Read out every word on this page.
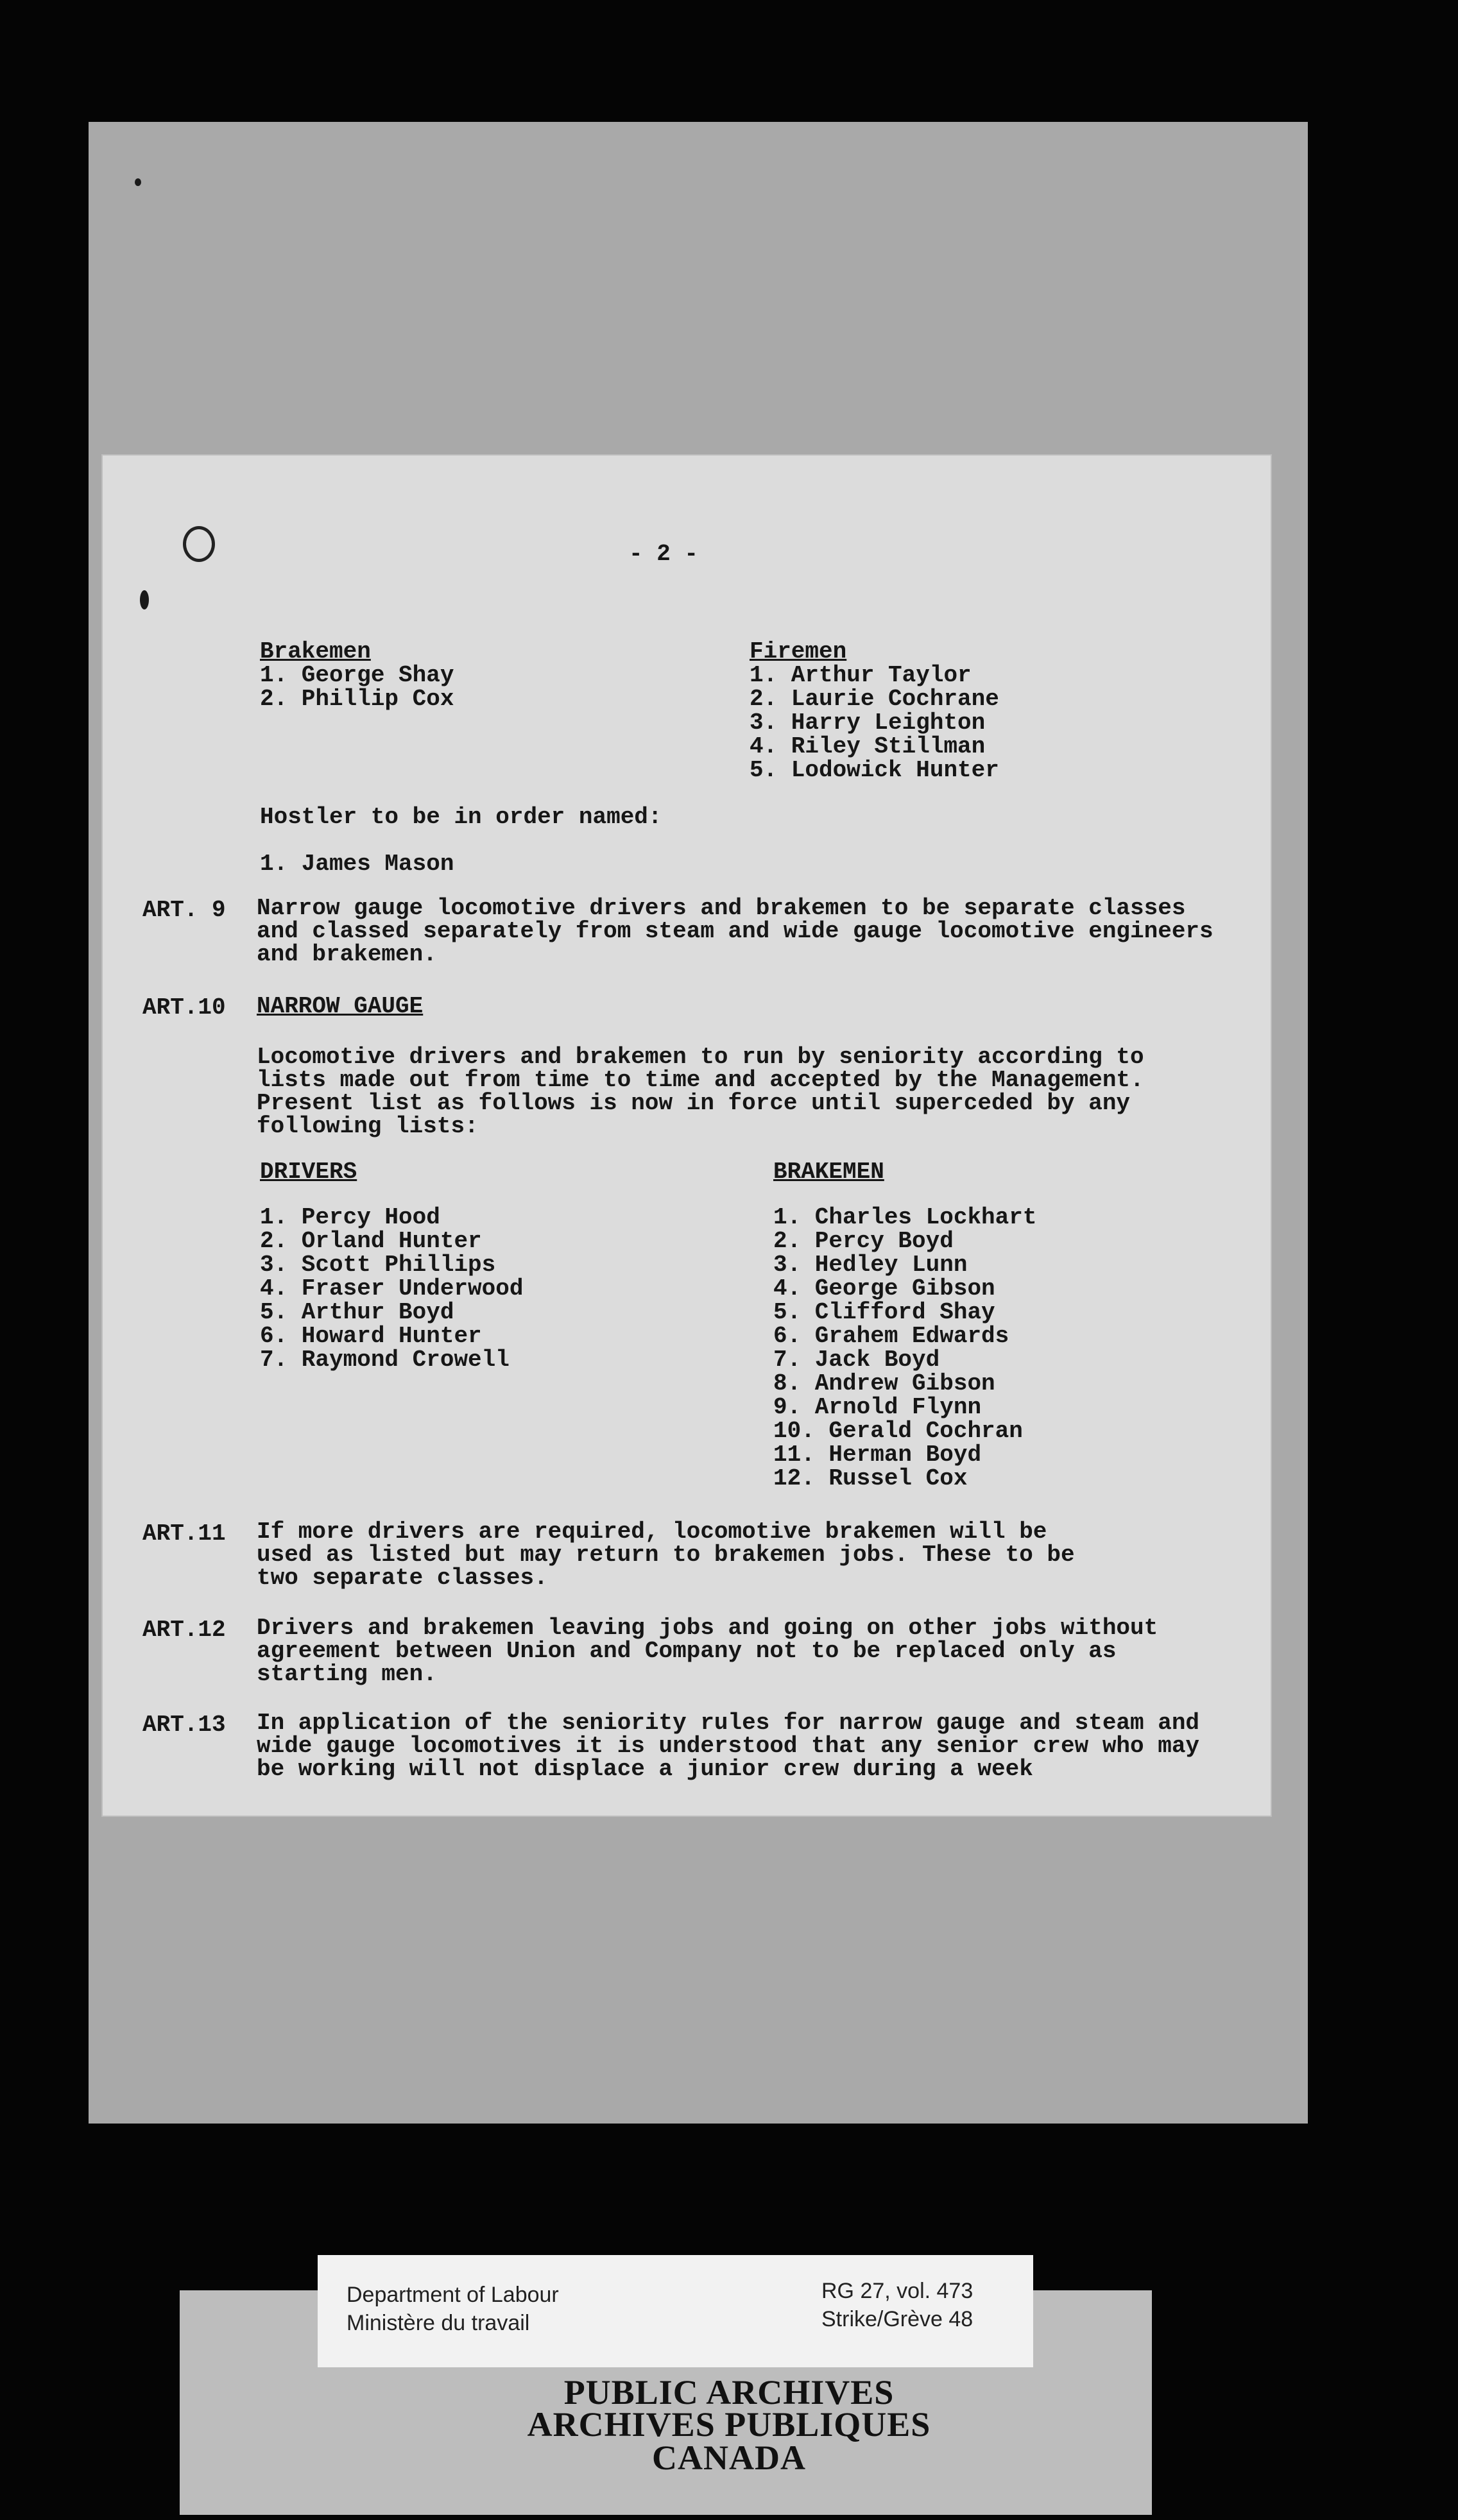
- 2 -
Brakemen
1. George Shay
2. Phillip Cox
Firemen
1. Arthur Taylor
2. Laurie Cochrane
3. Harry Leighton
4. Riley Stillman
5. Lodowick Hunter
Hostler to be in order named:
1. James Mason
ART. 9 Narrow gauge locomotive drivers and brakemen to be separate classes and classed separately from steam and wide gauge locomotive engineers and brakemen.
ART.10 NARROW GAUGE
Locomotive drivers and brakemen to run by seniority according to lists made out from time to time and accepted by the Management. Present list as follows is now in force until superceded by any following lists:
DRIVERS
1. Percy Hood
2. Orland Hunter
3. Scott Phillips
4. Fraser Underwood
5. Arthur Boyd
6. Howard Hunter
7. Raymond Crowell
BRAKEMEN
1. Charles Lockhart
2. Percy Boyd
3. Hedley Lunn
4. George Gibson
5. Clifford Shay
6. Grahem Edwards
7. Jack Boyd
8. Andrew Gibson
9. Arnold Flynn
10. Gerald Cochran
11. Herman Boyd
12. Russel Cox
ART.11 If more drivers are required, locomotive brakemen will be used as listed but may return to brakemen jobs. These to be two separate classes.
ART.12 Drivers and brakemen leaving jobs and going on other jobs without agreement between Union and Company not to be replaced only as starting men.
ART.13 In application of the seniority rules for narrow gauge and steam and wide gauge locomotives it is understood that any senior crew who may be working will not displace a junior crew during a week
Department of Labour
Ministère du travail
RG 27, vol. 473
Strike/Grève 48
PUBLIC ARCHIVES
ARCHIVES PUBLIQUES
CANADA
